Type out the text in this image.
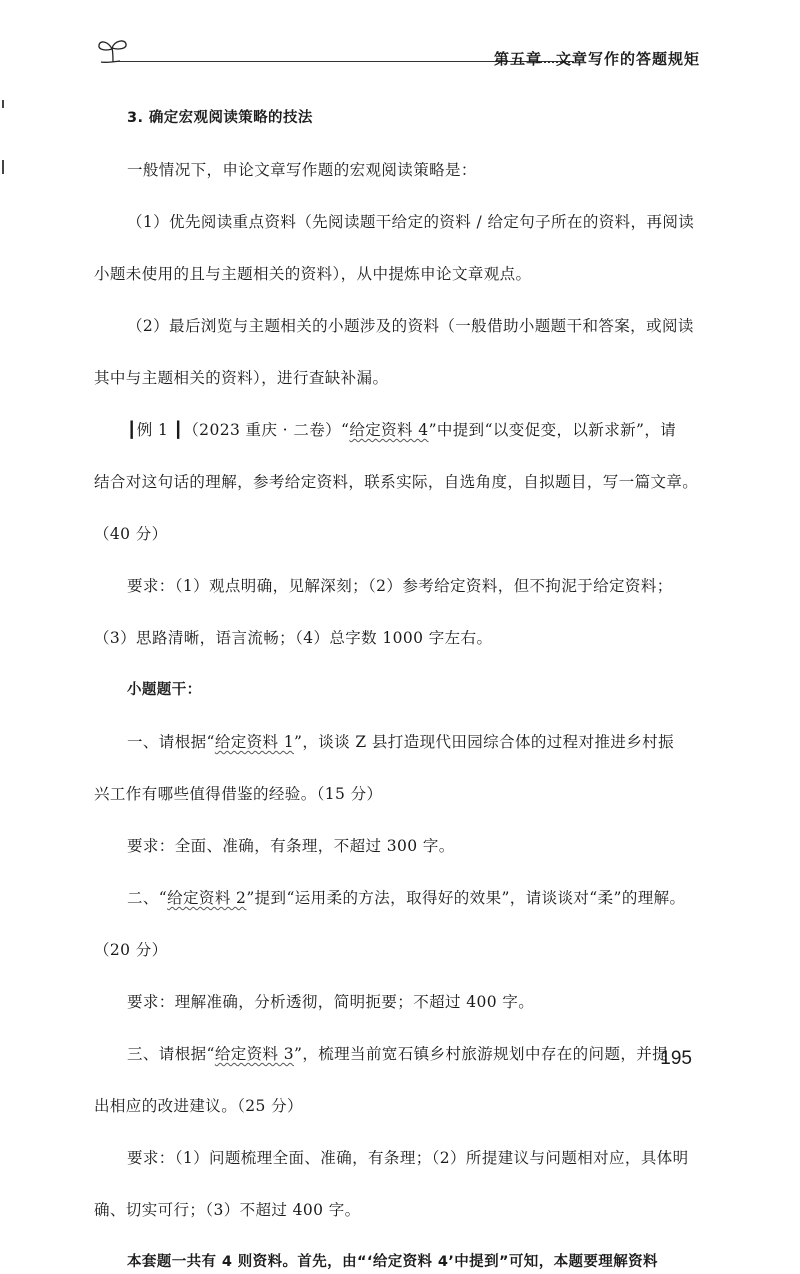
第五章 文章写作的答题规矩
3. 确定宏观阅读策略的技法
一般情况下，申论文章写作题的宏观阅读策略是：
（1）优先阅读重点资料（先阅读题干给定的资料 / 给定句子所在的资料，再阅读
小题未使用的且与主题相关的资料），从中提炼申论文章观点。
（2）最后浏览与主题相关的小题涉及的资料（一般借助小题题干和答案，或阅读
其中与主题相关的资料），进行查缺补漏。
┃例 1 ┃（2023 重庆 · 二卷）“给定资料 4”中提到“以变促变，以新求新”，请
结合对这句话的理解，参考给定资料，联系实际，自选角度，自拟题目，写一篇文章。
（40 分）
要求：（1）观点明确，见解深刻；（2）参考给定资料，但不拘泥于给定资料；
（3）思路清晰，语言流畅；（4）总字数 1000 字左右。
小题题干：
一、请根据“给定资料 1”，谈谈 Z 县打造现代田园综合体的过程对推进乡村振
兴工作有哪些值得借鉴的经验。（15 分）
要求：全面、准确，有条理，不超过 300 字。
二、“给定资料 2”提到“运用柔的方法，取得好的效果”，请谈谈对“柔”的理解。
（20 分）
要求：理解准确，分析透彻，简明扼要；不超过 400 字。
三、请根据“给定资料 3”，梳理当前宽石镇乡村旅游规划中存在的问题，并提
出相应的改进建议。（25 分）
要求：（1）问题梳理全面、准确，有条理；（2）所提建议与问题相对应，具体明
确、切实可行；（3）不超过 400 字。
本套题一共有 4 则资料。首先，由“‘给定资料 4’中提到”可知，本题要理解资料
195
